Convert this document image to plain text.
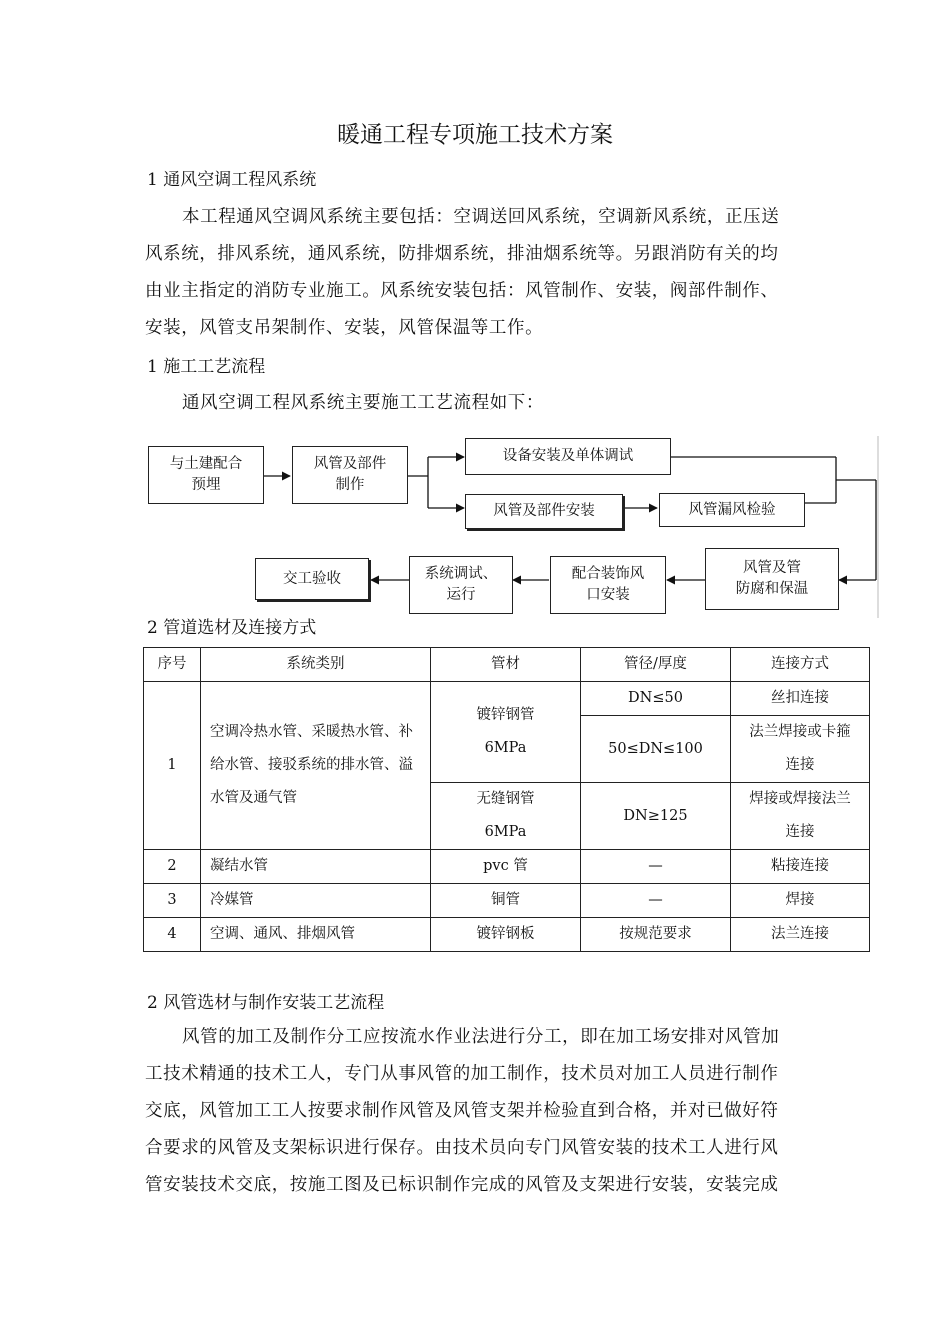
暖通工程专项施工技术方案
1 通风空调工程风系统
本工程通风空调风系统主要包括：空调送回风系统，空调新风系统，正压送
风系统，排风系统，通风系统，防排烟系统，排油烟系统等。另跟消防有关的均
由业主指定的消防专业施工。风系统安装包括：风管制作、安装，阀部件制作、
安装，风管支吊架制作、安装，风管保温等工作。
1 施工工艺流程
通风空调工程风系统主要施工工艺流程如下：
与土建配合
预埋
风管及部件
制作
设备安装及单体调试
风管及部件安装	风管漏风检验
风管及管
防腐和保温
配合装饰风
口安装
系统调试、
运行
交工验收
2 管道选材及连接方式
序号	系统类别	管材	管径/厚度	连接方式
1	空调冷热水管、采暖热水管、补给水管、接驳系统的排水管、溢水管及通气管	镀锌钢管
6MPa	DN≤50	丝扣连接
			50≤DN≤100	法兰焊接或卡箍
连接
		无缝钢管
6MPa	DN≥125	焊接或焊接法兰
连接

2	凝结水管	pvc 管	—	粘接连接
3	冷媒管	铜管	—	焊接
4	空调、通风、排烟风管	镀锌钢板	按规范要求	法兰连接
2 风管选材与制作安装工艺流程
风管的加工及制作分工应按流水作业法进行分工，即在加工场安排对风管加
工技术精通的技术工人，专门从事风管的加工制作，技术员对加工人员进行制作
交底，风管加工工人按要求制作风管及风管支架并检验直到合格，并对已做好符
合要求的风管及支架标识进行保存。由技术员向专门风管安装的技术工人进行风
管安装技术交底，按施工图及已标识制作完成的风管及支架进行安装，安装完成
